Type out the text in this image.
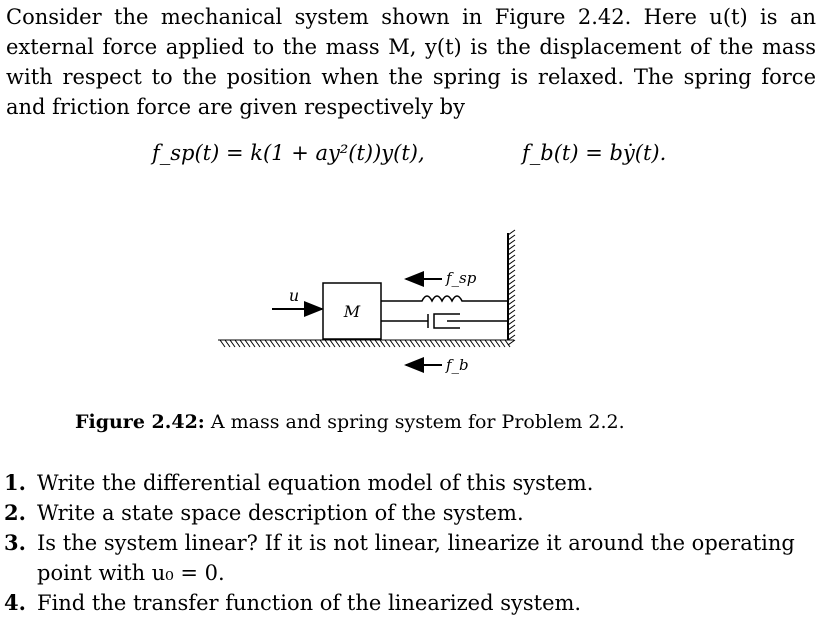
Consider the mechanical system shown in Figure 2.42. Here u(t) is an external force applied to the mass M, y(t) is the displacement of the mass with respect to the position when the spring is relaxed. The spring force and friction force are given respectively by
f_sp(t) = k(1 + ay²(t))y(t),	f_b(t) = bẏ(t).
M
u
f_sp
f_b
Figure 2.42: A mass and spring system for Problem 2.2.
1. Write the differential equation model of this system.
2. Write a state space description of the system.
3. Is the system linear? If it is not linear, linearize it around the operating point with u₀ = 0.
4. Find the transfer function of the linearized system.
